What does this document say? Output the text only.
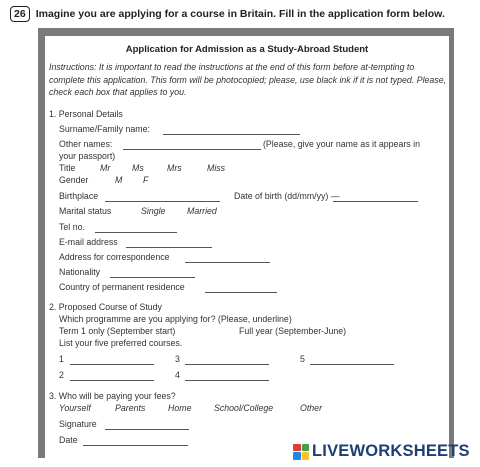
26 Imagine you are applying for a course in Britain. Fill in the application form below.
Application for Admission as a Study-Abroad Student
Instructions: It is important to read the instructions at the end of this form before at-tempting to complete this application. This form will be photocopied; please, use black ink if it is not typed. Please, check each box that applies to you.
1. Personal Details
Surname/Family name:
Other names:	(Please, give your name as it appears in
your passport)
Title	Mr Ms	Mrs	Miss
Gender	M F
Birthplace	Date of birth (dd/mm/yy) —
Marital status	Single Married
Tel no.
E-mail address
Address for correspondence
Nationality
Country of permanent residence
2. Proposed Course of Study
Which programme are you applying for? (Please, underline)
Term 1 only (September start)	Full year (September-June)
List your five preferred courses.
1	3	5
2	4
3. Who will be paying your fees?
Yourself	Parents	Home	School/College	Other
Signature
Date
LIVEWORKSHEETS
